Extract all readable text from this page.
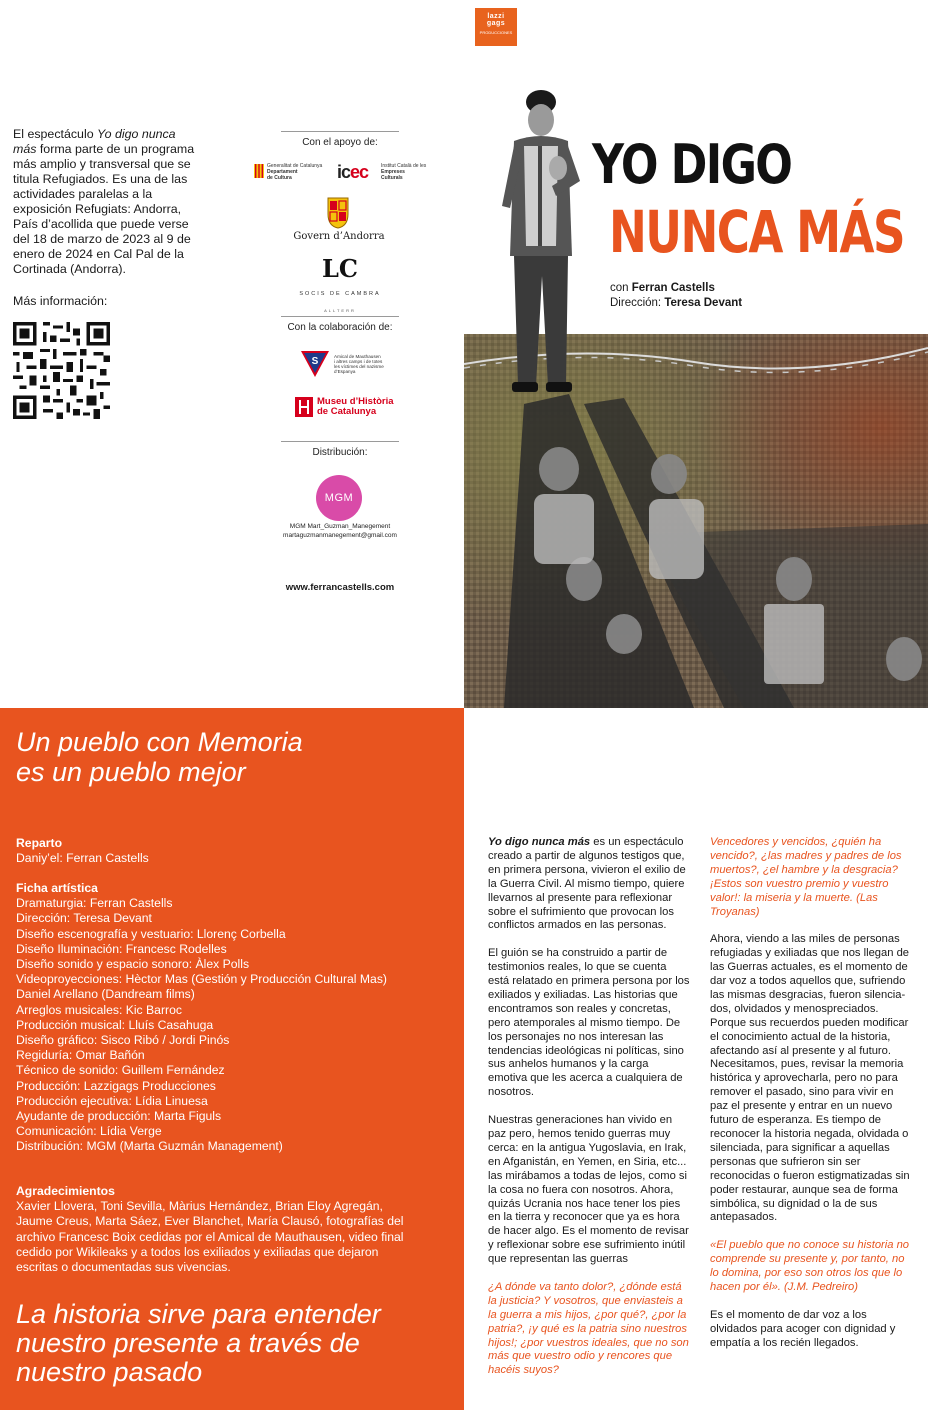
lazzi
gags
PRODUCCIONES
El espectáculo Yo digo nunca más forma parte de un programa más amplio y transversal que se titula Refugiados. Es una de las actividades paralelas a la exposición Refugiats: Andorra, País d’acollida que puede verse del 18 de marzo de 2023 al 9 de enero de 2024 en Cal Pal de la Cortinada (Andorra).
Más información:
Con el apoyo de:
Generalitat de Catalunya
Departament
de Cultura	icec	Institut Català de les
Empreses
Culturals
Govern d’Andorra
LC
SOCIS DE CAMBRA
ALLTERR
Con la colaboración de:
S	Amical de Mauthausen
i altres camps i de totes
les víctimes del nazisme
d’Espanya
Museu d’Història
de Catalunya
Distribución:
MGM
MGM Mart_Guzman_Manegement
martaguzmanmanegement@gmail.com
www.ferrancastells.com
YO DIGO
NUNCA MÁS
con Ferran Castells
Dirección: Teresa Devant
Un pueblo con Memoria
es un pueblo mejor
Reparto
Daniy’el: Ferran Castells
Ficha artística
Dramaturgia: Ferran Castells
Dirección: Teresa Devant
Diseño escenografía y vestuario: Llorenç Corbella
Diseño Iluminación: Francesc Rodelles
Diseño sonido y espacio sonoro: Àlex Polls
Videoproyecciones: Hèctor Mas (Gestión y Producción Cultural Mas)
Daniel Arellano (Dandream films)
Arreglos musicales: Kic Barroc
Producción musical: Lluís Casahuga
Diseño gráfico: Sisco Ribó / Jordi Pinós
Regiduría: Omar Bañón
Técnico de sonido: Guillem Fernández
Producción: Lazzigags Producciones
Producción ejecutiva: Lídia Linuesa
Ayudante de producción: Marta Figuls
Comunicación: Lídia Verge
Distribución: MGM (Marta Guzmán Management)
Agradecimientos
Xavier Llovera, Toni Sevilla, Màrius Hernández, Brian Eloy Agregán,
Jaume Creus, Marta Sáez, Ever Blanchet, María Clausó, fotografías del
archivo Francesc Boix cedidas por el Amical de Mauthausen, video final
cedido por Wikileaks y a todos los exiliados y exiliadas que dejaron
escritas o documentadas sus vivencias.
La historia sirve para entender
nuestro presente a través de
nuestro pasado

Yo digo nunca más es un espectáculo creado a partir de algunos testigos que, en primera persona, vivieron el exilio de la Guerra Civil. Al mismo tiempo, quiere llevarnos al presente para reflexionar sobre el sufrimiento que provocan los conflictos armados en las personas.

El guión se ha construido a partir de testimonios reales, lo que se cuenta está relatado en primera persona por los exiliados y exiliadas. Las historias que encontramos son reales y concretas, pero atemporales al mismo tiempo. De los personajes no nos interesan las tendencias ideológicas ni políticas, sino sus anhelos humanos y la carga emotiva que les acerca a cualquiera de nosotros.

Nuestras generaciones han vivido en paz pero, hemos tenido guerras muy cerca: en la antigua Yugoslavia, en Irak, en Afganistán, en Yemen, en Siria, etc... las mirábamos a todas de lejos, como si la cosa no fuera con nosotros. Ahora, quizás Ucrania nos hace tener los pies en la tierra y reconocer que ya es hora de hacer algo. Es el momento de revisar y reflexionar sobre ese sufrimiento inútil que representan las guerras

¿A dónde va tanto dolor?, ¿dónde está la justicia? Y vosotros, que enviasteis a la guerra a mis hijos, ¿por qué?, ¿por la patria?, ¡y qué es la patria sino nuestros hijos!; ¿por vuestros ideales, que no son más que vuestro odio y rencores que hacéis suyos?

Vencedores y vencidos, ¿quién ha vencido?, ¿las madres y padres de los muertos?, ¿el hambre y la desgracia? ¡Estos son vuestro premio y vuestro valor!: la miseria y la muerte. (Las Troyanas)

Ahora, viendo a las miles de personas refugiadas y exiliadas que nos llegan de las Guerras actuales, es el momento de dar voz a todos aquellos que, sufriendo las mismas desgracias, fueron silencia-dos, olvidados y menospreciados. Porque sus recuerdos pueden modificar el conocimiento actual de la historia, afectando así al presente y al futuro. Necesitamos, pues, revisar la memoria histórica y aprovecharla, pero no para remover el pasado, sino para vivir en paz el presente y entrar en un nuevo futuro de esperanza. Es tiempo de reconocer la historia negada, olvidada o silenciada, para significar a aquellas personas que sufrieron sin ser reconocidas o fueron estigmatizadas sin poder restaurar, aunque sea de forma simbólica, su dignidad o la de sus antepasados.

«El pueblo que no conoce su historia no comprende su presente y, por tanto, no lo domina, por eso son otros los que lo hacen por él». (J.M. Pedreiro)

Es el momento de dar voz a los olvidados para acoger con dignidad y empatía a los recién llegados.
